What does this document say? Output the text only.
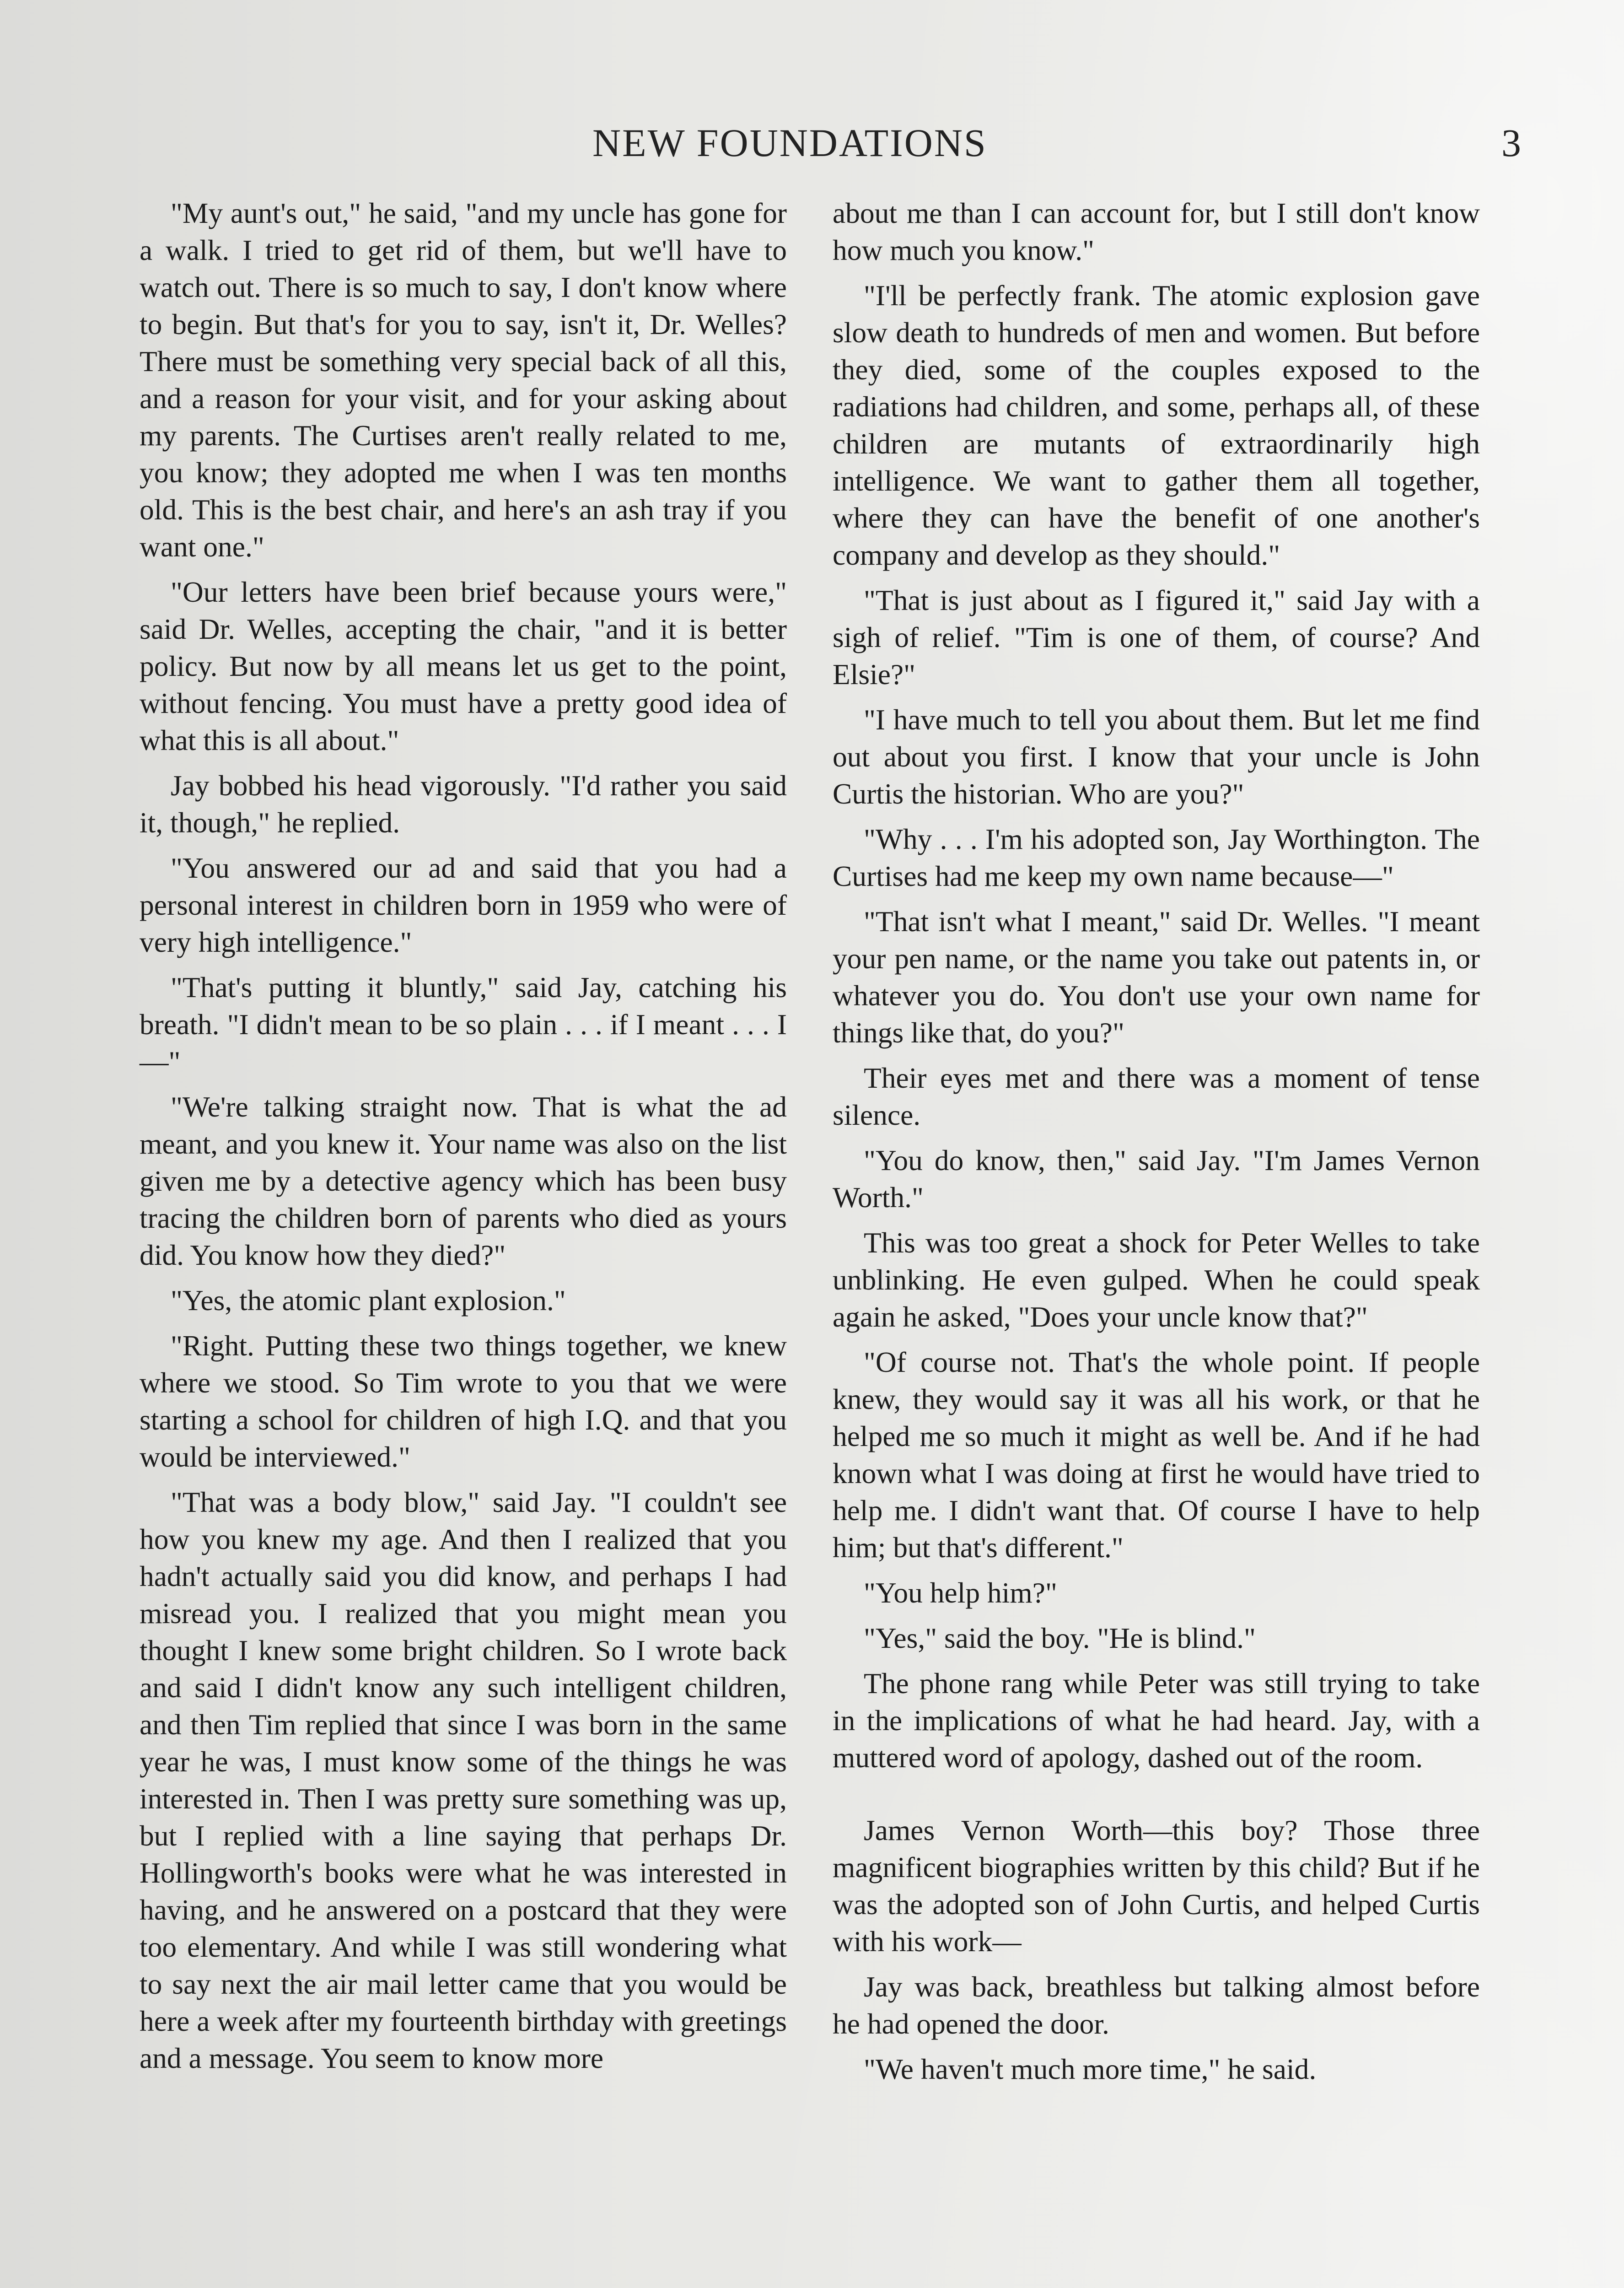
NEW FOUNDATIONS	3

"My aunt's out," he said, "and my uncle has gone for a walk. I tried to get rid of them, but we'll have to watch out. There is so much to say, I don't know where to begin. But that's for you to say, isn't it, Dr. Welles? There must be something very special back of all this, and a reason for your visit, and for your asking about my parents. The Curtises aren't really related to me, you know; they adopted me when I was ten months old. This is the best chair, and here's an ash tray if you want one."

"Our letters have been brief because yours were," said Dr. Welles, accepting the chair, "and it is better policy. But now by all means let us get to the point, without fencing. You must have a pretty good idea of what this is all about."

Jay bobbed his head vigorously. "I'd rather you said it, though," he replied.

"You answered our ad and said that you had a personal interest in children born in 1959 who were of very high intelligence."

"That's putting it bluntly," said Jay, catching his breath. "I didn't mean to be so plain . . . if I meant . . . I—"

"We're talking straight now. That is what the ad meant, and you knew it. Your name was also on the list given me by a detective agency which has been busy tracing the children born of parents who died as yours did. You know how they died?"

"Yes, the atomic plant explosion."

"Right. Putting these two things together, we knew where we stood. So Tim wrote to you that we were starting a school for children of high I.Q. and that you would be interviewed."

"That was a body blow," said Jay. "I couldn't see how you knew my age. And then I realized that you hadn't actually said you did know, and perhaps I had misread you. I realized that you might mean you thought I knew some bright children. So I wrote back and said I didn't know any such intelligent children, and then Tim replied that since I was born in the same year he was, I must know some of the things he was interested in. Then I was pretty sure something was up, but I replied with a line saying that perhaps Dr. Hollingworth's books were what he was interested in having, and he answered on a postcard that they were too elementary. And while I was still wondering what to say next the air mail letter came that you would be here a week after my fourteenth birthday with greetings and a message. You seem to know more

about me than I can account for, but I still don't know how much you know."

"I'll be perfectly frank. The atomic explosion gave slow death to hundreds of men and women. But before they died, some of the couples exposed to the radiations had children, and some, perhaps all, of these children are mutants of extraordinarily high intelligence. We want to gather them all together, where they can have the benefit of one another's company and develop as they should."

"That is just about as I figured it," said Jay with a sigh of relief. "Tim is one of them, of course? And Elsie?"

"I have much to tell you about them. But let me find out about you first. I know that your uncle is John Curtis the historian. Who are you?"

"Why . . . I'm his adopted son, Jay Worthington. The Curtises had me keep my own name because—"

"That isn't what I meant," said Dr. Welles. "I meant your pen name, or the name you take out patents in, or whatever you do. You don't use your own name for things like that, do you?"

Their eyes met and there was a moment of tense silence.

"You do know, then," said Jay. "I'm James Vernon Worth."

This was too great a shock for Peter Welles to take unblinking. He even gulped. When he could speak again he asked, "Does your uncle know that?"

"Of course not. That's the whole point. If people knew, they would say it was all his work, or that he helped me so much it might as well be. And if he had known what I was doing at first he would have tried to help me. I didn't want that. Of course I have to help him; but that's different."

"You help him?"

"Yes," said the boy. "He is blind."

The phone rang while Peter was still trying to take in the implications of what he had heard. Jay, with a muttered word of apology, dashed out of the room.

James Vernon Worth—this boy? Those three magnificent biographies written by this child? But if he was the adopted son of John Curtis, and helped Curtis with his work—

Jay was back, breathless but talking almost before he had opened the door.

"We haven't much more time," he said.
